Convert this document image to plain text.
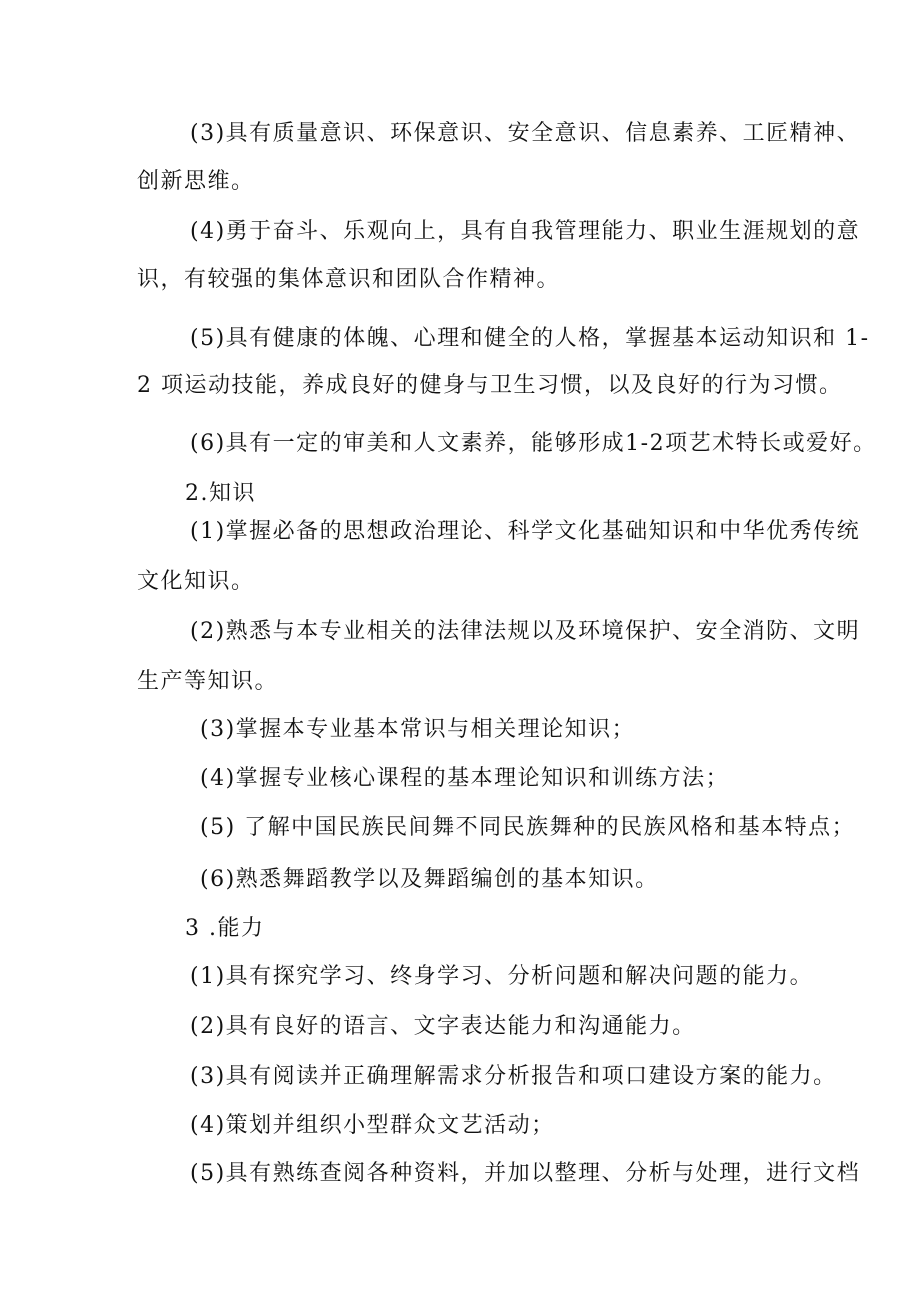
(3)具有质量意识、环保意识、安全意识、信息素养、工匠精神、
创新思维。
(4)勇于奋斗、乐观向上，具有自我管理能力、职业生涯规划的意
识，有较强的集体意识和团队合作精神。
(5)具有健康的体魄、心理和健全的人格，掌握基本运动知识和 1-
2 项运动技能，养成良好的健身与卫生习惯，以及良好的行为习惯。
(6)具有一定的审美和人文素养，能够形成1-2项艺术特长或爱好。
2.知识
(1)掌握必备的思想政治理论、科学文化基础知识和中华优秀传统
文化知识。
(2)熟悉与本专业相关的法律法规以及环境保护、安全消防、文明
生产等知识。
(3)掌握本专业基本常识与相关理论知识；
(4)掌握专业核心课程的基本理论知识和训练方法；
(5) 了解中国民族民间舞不同民族舞种的民族风格和基本特点；
(6)熟悉舞蹈教学以及舞蹈编创的基本知识。
3 .能力
(1)具有探究学习、终身学习、分析问题和解决问题的能力。
(2)具有良好的语言、文字表达能力和沟通能力。
(3)具有阅读并正确理解需求分析报告和项口建设方案的能力。
(4)策划并组织小型群众文艺活动；
(5)具有熟练查阅各种资料，并加以整理、分析与处理，进行文档
